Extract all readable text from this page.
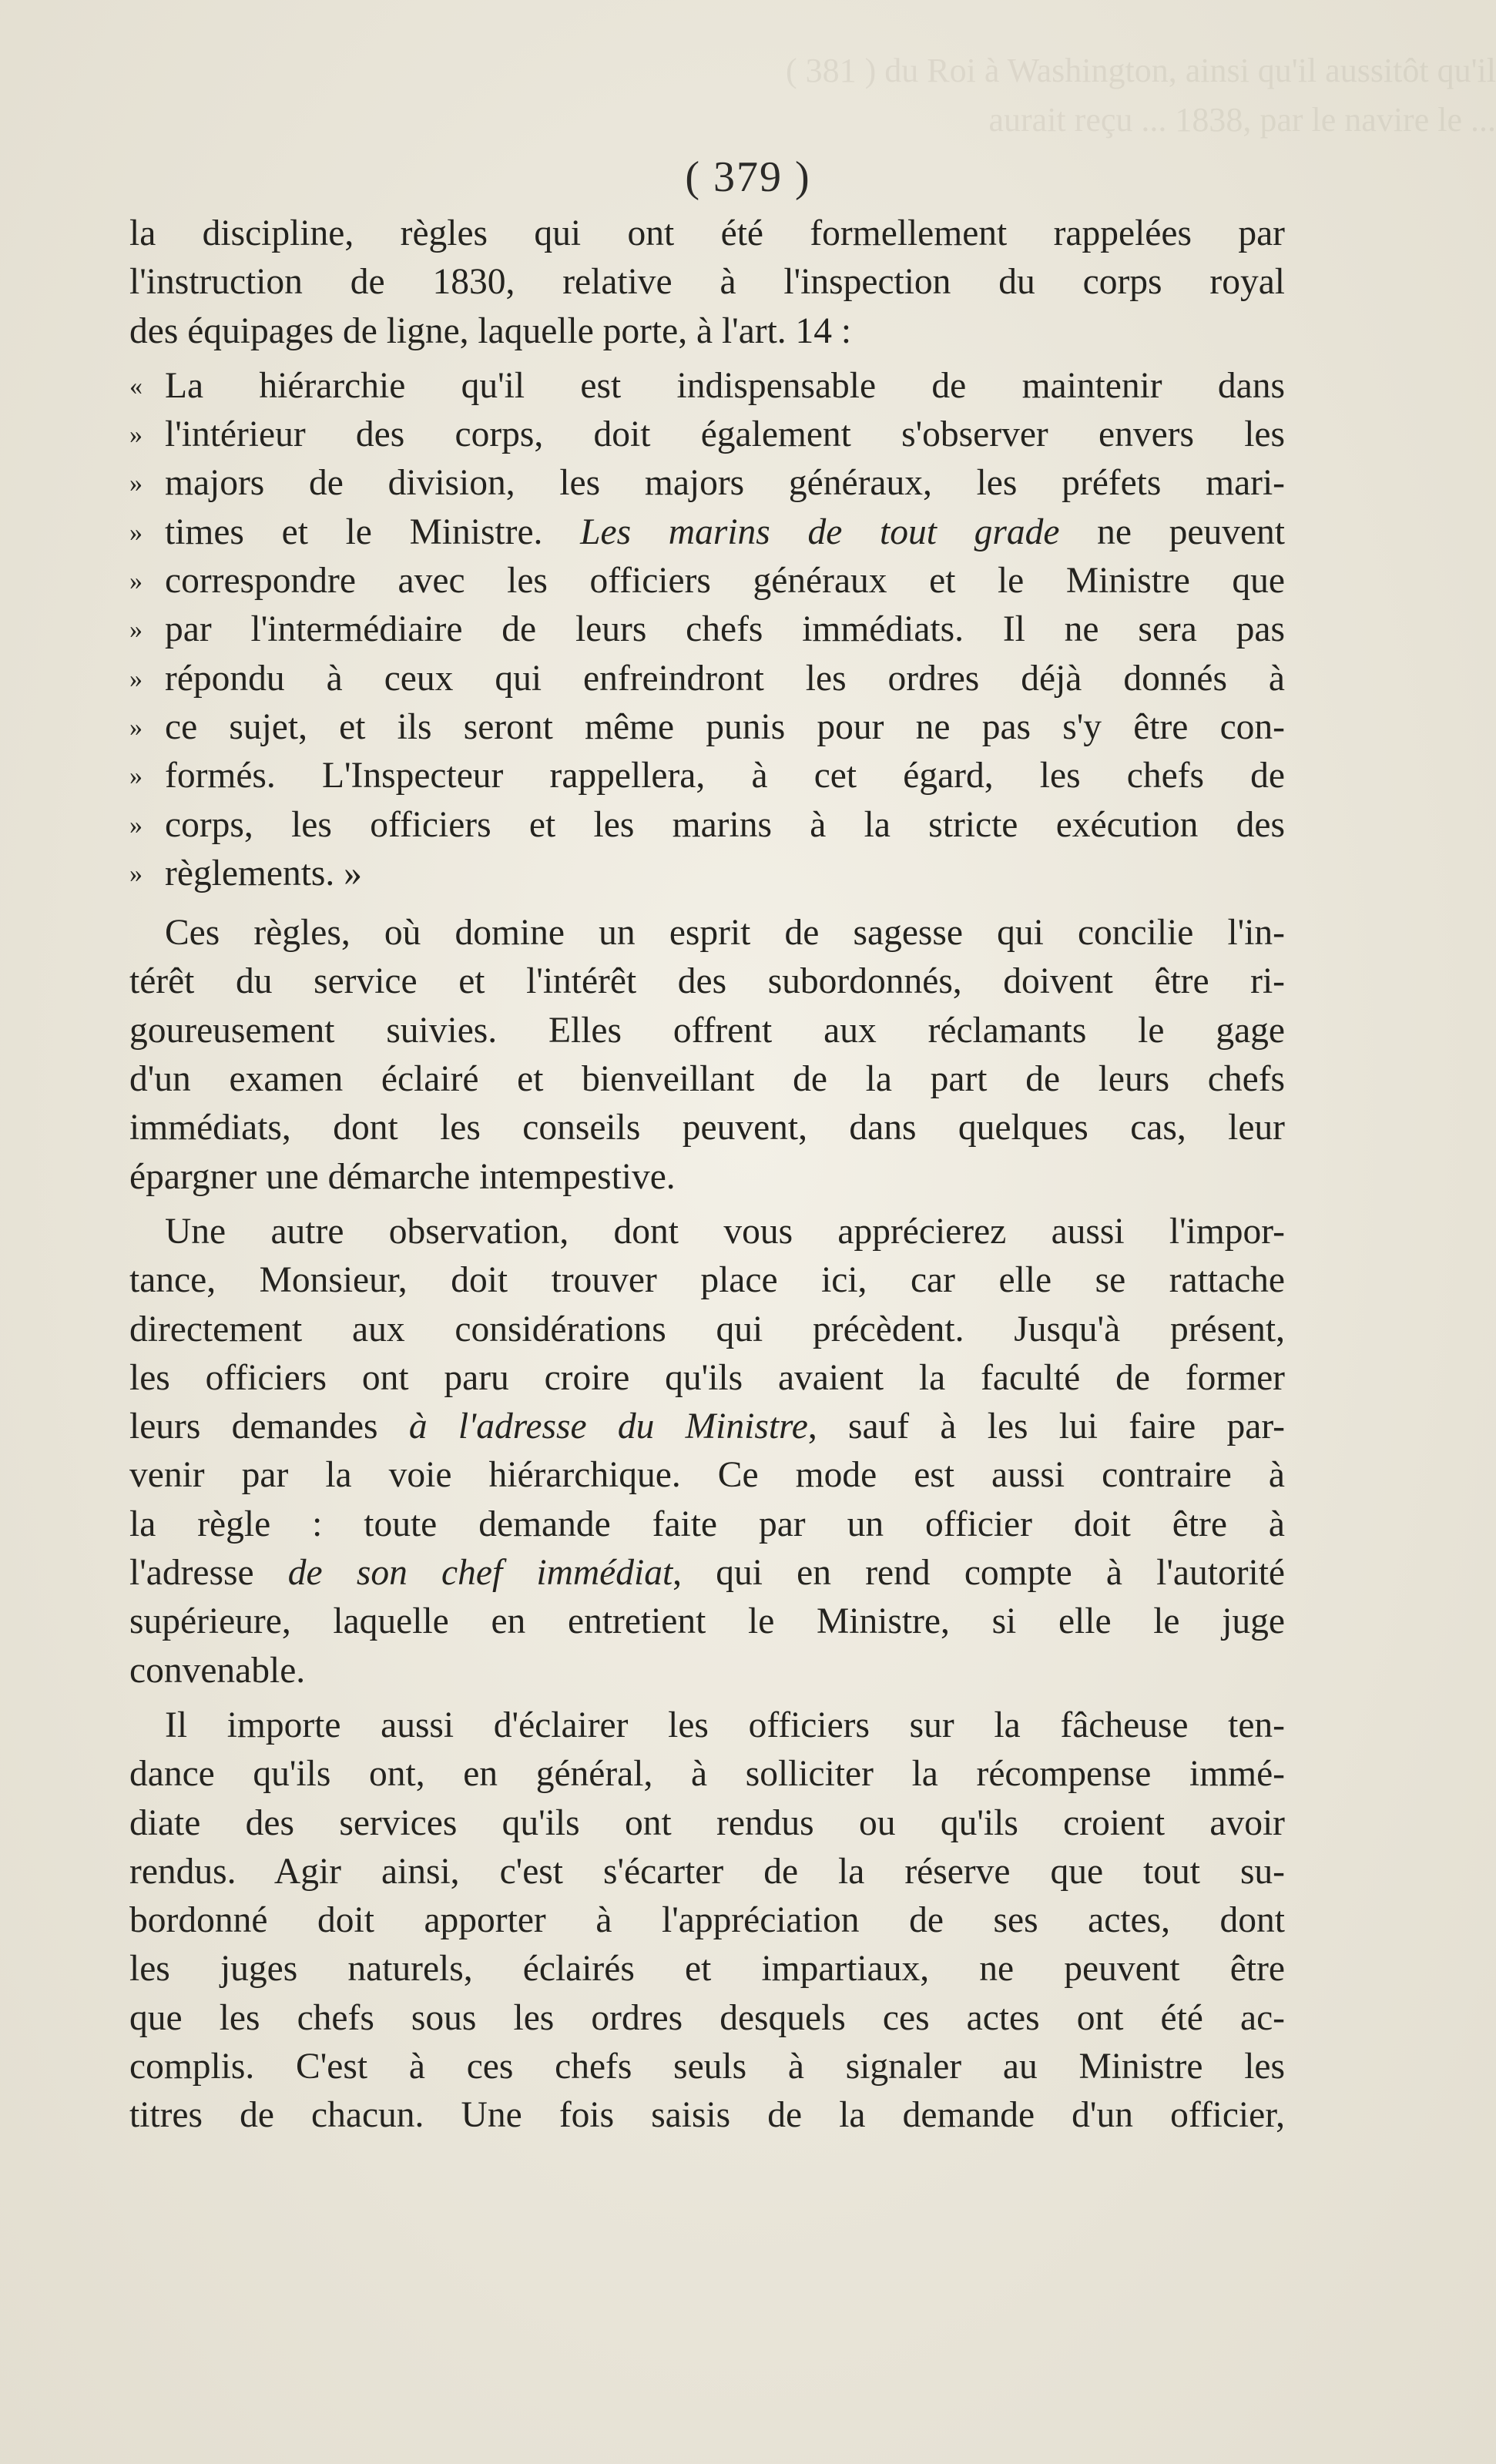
( 381 ) du Roi à Washington, ainsi qu'il aussitôt qu'il aurait reçu ... 1838, par le navire le ...
( 379 )
la discipline, règles qui ont été formellement rappelées par
l'instruction de 1830, relative à l'inspection du corps royal
des équipages de ligne, laquelle porte, à l'art. 14 :
« La hiérarchie qu'il est indispensable de maintenir dans
» l'intérieur des corps, doit également s'observer envers les
» majors de division, les majors généraux, les préfets mari-
» times et le Ministre. Les marins de tout grade ne peuvent
» correspondre avec les officiers généraux et le Ministre que
» par l'intermédiaire de leurs chefs immédiats. Il ne sera pas
» répondu à ceux qui enfreindront les ordres déjà donnés à
» ce sujet, et ils seront même punis pour ne pas s'y être con-
» formés. L'Inspecteur rappellera, à cet égard, les chefs de
» corps, les officiers et les marins à la stricte exécution des
» règlements. »
Ces règles, où domine un esprit de sagesse qui concilie l'in-
térêt du service et l'intérêt des subordonnés, doivent être ri-
goureusement suivies. Elles offrent aux réclamants le gage
d'un examen éclairé et bienveillant de la part de leurs chefs
immédiats, dont les conseils peuvent, dans quelques cas, leur
épargner une démarche intempestive.
Une autre observation, dont vous apprécierez aussi l'impor-
tance, Monsieur, doit trouver place ici, car elle se rattache
directement aux considérations qui précèdent. Jusqu'à présent,
les officiers ont paru croire qu'ils avaient la faculté de former
leurs demandes à l'adresse du Ministre, sauf à les lui faire par-
venir par la voie hiérarchique. Ce mode est aussi contraire à
la règle : toute demande faite par un officier doit être à
l'adresse de son chef immédiat, qui en rend compte à l'autorité
supérieure, laquelle en entretient le Ministre, si elle le juge
convenable.
Il importe aussi d'éclairer les officiers sur la fâcheuse ten-
dance qu'ils ont, en général, à solliciter la récompense immé-
diate des services qu'ils ont rendus ou qu'ils croient avoir
rendus. Agir ainsi, c'est s'écarter de la réserve que tout su-
bordonné doit apporter à l'appréciation de ses actes, dont
les juges naturels, éclairés et impartiaux, ne peuvent être
que les chefs sous les ordres desquels ces actes ont été ac-
complis. C'est à ces chefs seuls à signaler au Ministre les
titres de chacun. Une fois saisis de la demande d'un officier,
